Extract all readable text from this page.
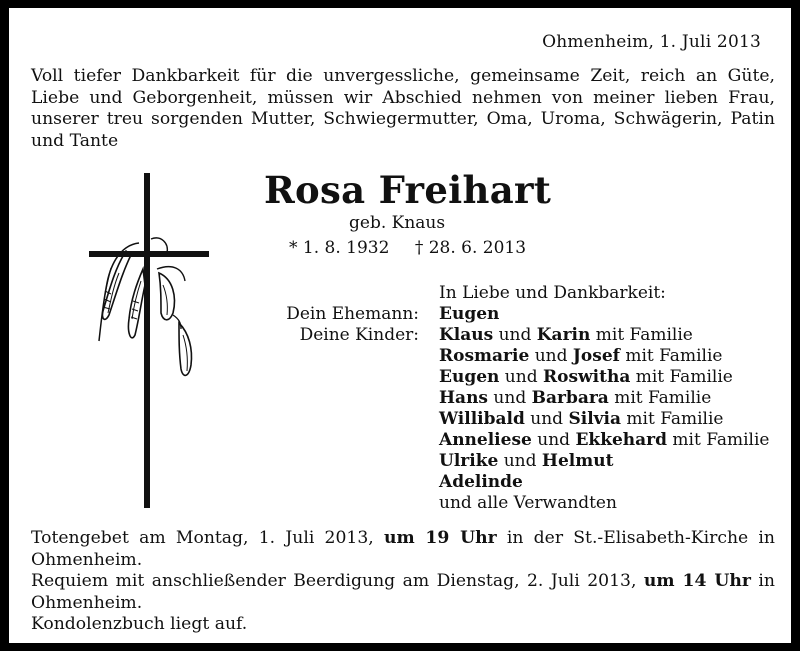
Ohmenheim, 1. Juli 2013
Voll tiefer Dankbarkeit für die unvergessliche, gemeinsame Zeit, reich an Güte, Liebe und Geborgenheit, müssen wir Abschied nehmen von meiner lieben Frau, unserer treu sorgenden Mutter, Schwiegermutter, Oma, Uroma, Schwägerin, Patin und Tante
Rosa Freihart
geb. Knaus
* 1. 8. 1932 † 28. 6. 2013
In Liebe und Dankbarkeit:
Dein Ehemann:
Deine Kinder:
Eugen
Klaus und Karin mit Familie
Rosmarie und Josef mit Familie
Eugen und Roswitha mit Familie
Hans und Barbara mit Familie
Willibald und Silvia mit Familie
Anneliese und Ekkehard mit Familie
Ulrike und Helmut
Adelinde
und alle Verwandten

Totengebet am Montag, 1. Juli 2013, um 19 Uhr in der St.-Elisabeth-Kirche in Ohmenheim.

Requiem mit anschließender Beerdigung am Dienstag, 2. Juli 2013, um 14 Uhr in Ohmenheim.

Kondolenzbuch liegt auf.
